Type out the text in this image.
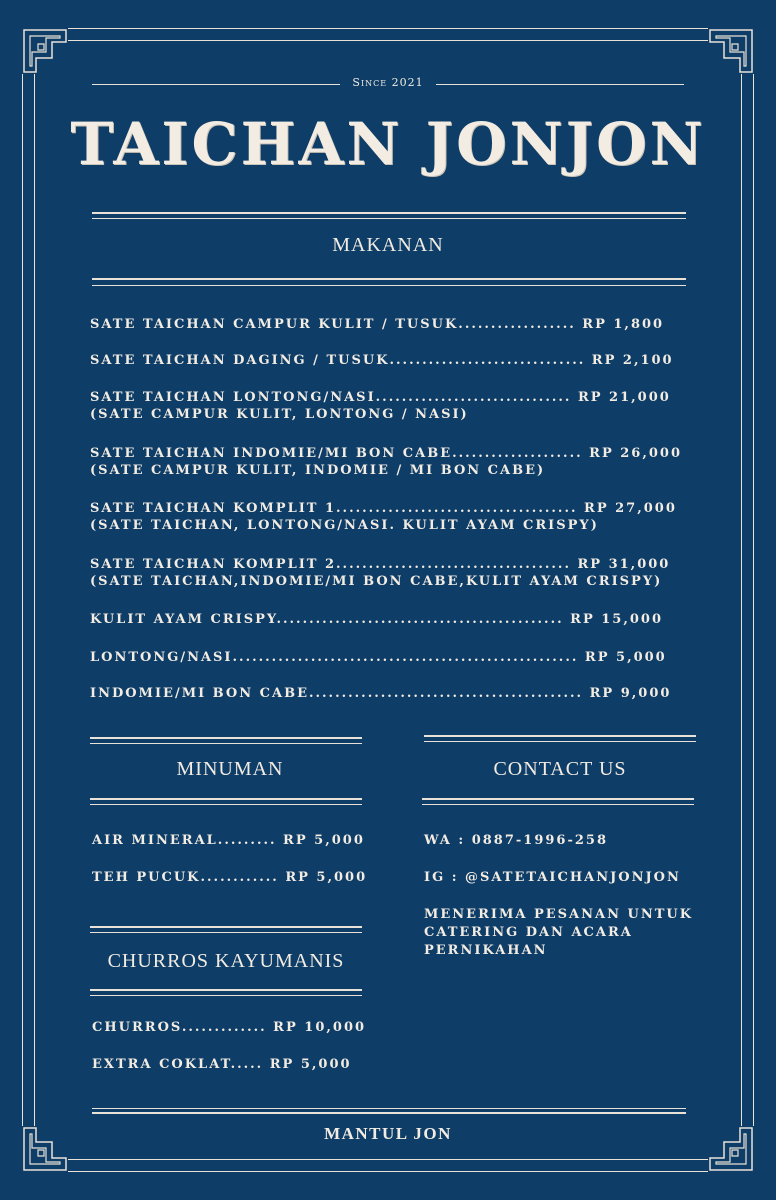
Since 2021
TAICHAN JONJON
MAKANAN
SATE TAICHAN CAMPUR KULIT / TUSUK.................. RP 1,800
SATE TAICHAN DAGING / TUSUK.............................. RP 2,100
SATE TAICHAN LONTONG/NASI.............................. RP 21,000
(SATE CAMPUR KULIT, LONTONG / NASI)
SATE TAICHAN INDOMIE/MI BON CABE.................... RP 26,000
(SATE CAMPUR KULIT, INDOMIE / MI BON CABE)
SATE TAICHAN KOMPLIT 1..................................... RP 27,000
(SATE TAICHAN, LONTONG/NASI. KULIT AYAM CRISPY)
SATE TAICHAN KOMPLIT 2.................................... RP 31,000
(SATE TAICHAN,INDOMIE/MI BON CABE,KULIT AYAM CRISPY)
KULIT AYAM CRISPY............................................ RP 15,000
LONTONG/NASI..................................................... RP 5,000
INDOMIE/MI BON CABE.......................................... RP 9,000
MINUMAN
AIR MINERAL......... RP 5,000
TEH PUCUK............ RP 5,000
CHURROS KAYUMANIS
CHURROS............. RP 10,000
EXTRA COKLAT..... RP 5,000
CONTACT US
WA : 0887-1996-258
IG : @SATETAICHANJONJON
MENERIMA PESANAN UNTUK
CATERING DAN ACARA
PERNIKAHAN
MANTUL JON
